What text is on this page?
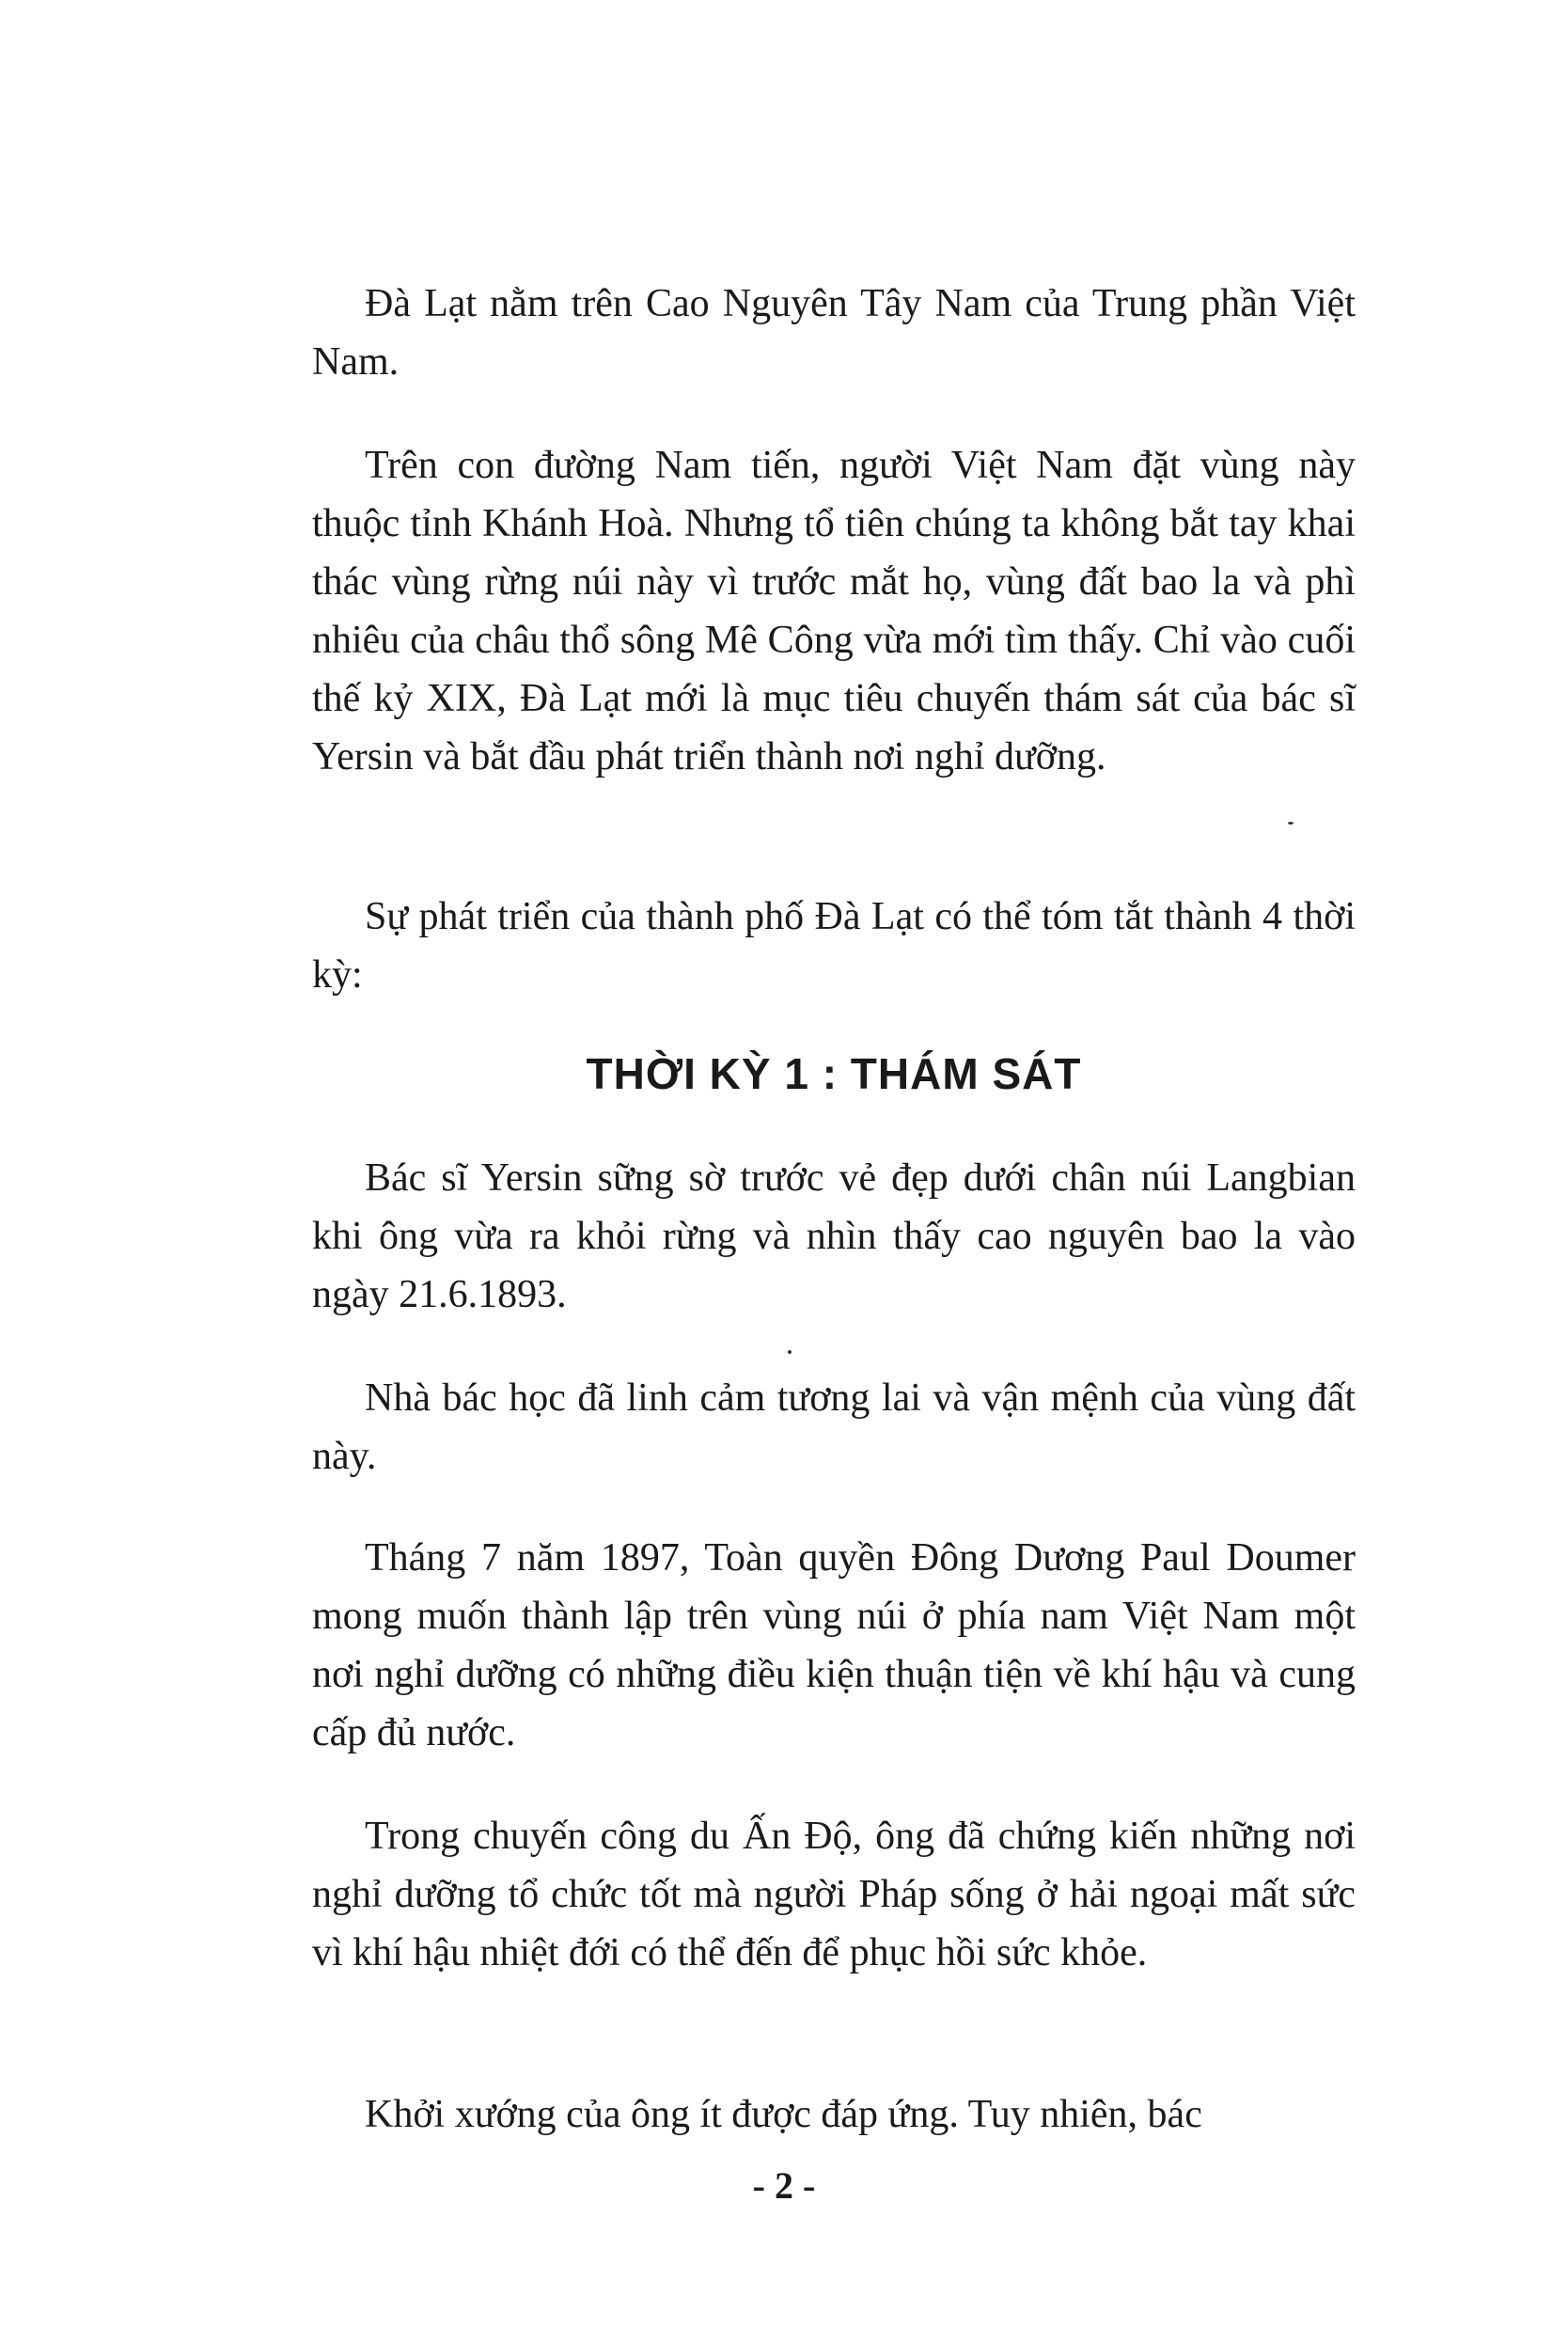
Đà Lạt nằm trên Cao Nguyên Tây Nam của Trung phần Việt Nam.

Trên con đường Nam tiến, người Việt Nam đặt vùng này thuộc tỉnh Khánh Hoà. Nhưng tổ tiên chúng ta không bắt tay khai thác vùng rừng núi này vì trước mắt họ, vùng đất bao la và phì nhiêu của châu thổ sông Mê Công vừa mới tìm thấy. Chỉ vào cuối thế kỷ XIX, Đà Lạt mới là mục tiêu chuyến thám sát của bác sĩ Yersin và bắt đầu phát triển thành nơi nghỉ dưỡng.

Sự phát triển của thành phố Đà Lạt có thể tóm tắt thành 4 thời kỳ:

THỜI KỲ 1 : THÁM SÁT

Bác sĩ Yersin sững sờ trước vẻ đẹp dưới chân núi Langbian khi ông vừa ra khỏi rừng và nhìn thấy cao nguyên bao la vào ngày 21.6.1893.

Nhà bác học đã linh cảm tương lai và vận mệnh của vùng đất này.

Tháng 7 năm 1897, Toàn quyền Đông Dương Paul Doumer mong muốn thành lập trên vùng núi ở phía nam Việt Nam một nơi nghỉ dưỡng có những điều kiện thuận tiện về khí hậu và cung cấp đủ nước.

Trong chuyến công du Ấn Độ, ông đã chứng kiến những nơi nghỉ dưỡng tổ chức tốt mà người Pháp sống ở hải ngoại mất sức vì khí hậu nhiệt đới có thể đến để phục hồi sức khỏe.

Khởi xướng của ông ít được đáp ứng. Tuy nhiên, bác

- 2 -
